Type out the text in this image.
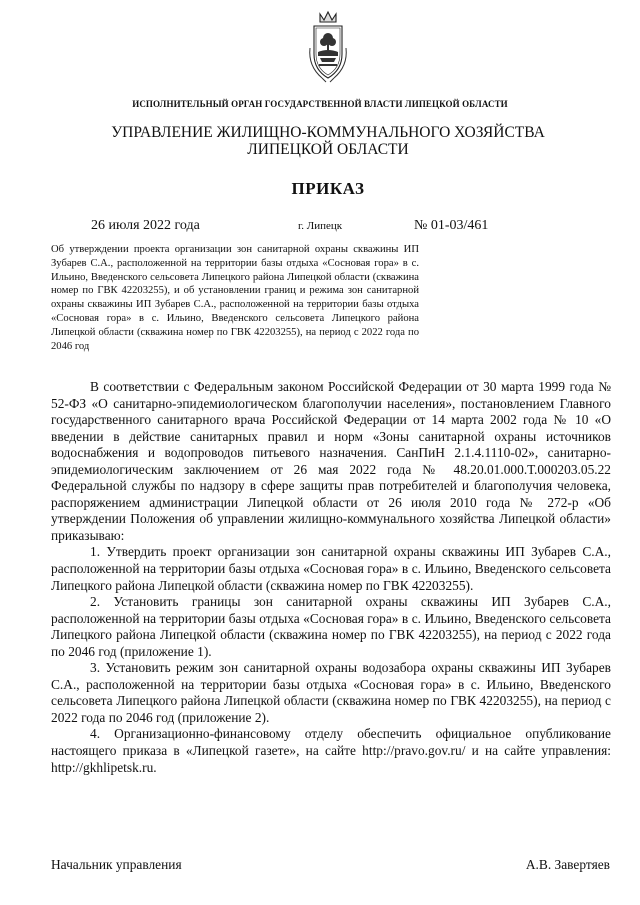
ИСПОЛНИТЕЛЬНЫЙ ОРГАН ГОСУДАРСТВЕННОЙ ВЛАСТИ ЛИПЕЦКОЙ ОБЛАСТИ
УПРАВЛЕНИЕ ЖИЛИЩНО-КОММУНАЛЬНОГО ХОЗЯЙСТВА
ЛИПЕЦКОЙ ОБЛАСТИ
ПРИКАЗ
26 июля 2022 года	г. Липецк	№ 01-03/461
Об утверждении проекта организации зон санитарной охраны скважины ИП Зубарев С.А., расположенной на территории базы отдыха «Сосновая гора» в с. Ильино, Введенского сельсовета Липецкого района Липецкой области (скважина номер по ГВК 42203255), и об установлении границ и режима зон санитарной охраны скважины ИП Зубарев С.А., расположенной на территории базы отдыха «Сосновая гора» в с. Ильино, Введенского сельсовета Липецкого района Липецкой области (скважина номер по ГВК 42203255), на период с 2022 года по 2046 год

В соответствии с Федеральным законом Российской Федерации от 30 марта 1999 года № 52-ФЗ «О санитарно-эпидемиологическом благополучии населения», постановлением Главного государственного санитарного врача Российской Федерации от 14 марта 2002 года № 10 «О введении в действие санитарных правил и норм «Зоны санитарной охраны источников водоснабжения и водопроводов питьевого назначения. СанПиН 2.1.4.1110-02», санитарно-эпидемиологическим заключением от 26 мая 2022 года № 48.20.01.000.Т.000203.05.22 Федеральной службы по надзору в сфере защиты прав потребителей и благополучия человека, распоряжением администрации Липецкой области от 26 июля 2010 года № 272-р «Об утверждении Положения об управлении жилищно-коммунального хозяйства Липецкой области» приказываю:

1. Утвердить проект организации зон санитарной охраны скважины ИП Зубарев С.А., расположенной на территории базы отдыха «Сосновая гора» в с. Ильино, Введенского сельсовета Липецкого района Липецкой области (скважина номер по ГВК 42203255).

2. Установить границы зон санитарной охраны скважины ИП Зубарев С.А., расположенной на территории базы отдыха «Сосновая гора» в с. Ильино, Введенского сельсовета Липецкого района Липецкой области (скважина номер по ГВК 42203255), на период с 2022 года по 2046 год (приложение 1).

3. Установить режим зон санитарной охраны водозабора охраны скважины ИП Зубарев С.А., расположенной на территории базы отдыха «Сосновая гора» в с. Ильино, Введенского сельсовета Липецкого района Липецкой области (скважина номер по ГВК 42203255), на период с 2022 года по 2046 год (приложение 2).

4. Организационно-финансовому отделу обеспечить официальное опубликование настоящего приказа в «Липецкой газете», на сайте http://pravo.gov.ru/ и на сайте управления: http://gkhlipetsk.ru.

Начальник управления	А.В. Завертяев
